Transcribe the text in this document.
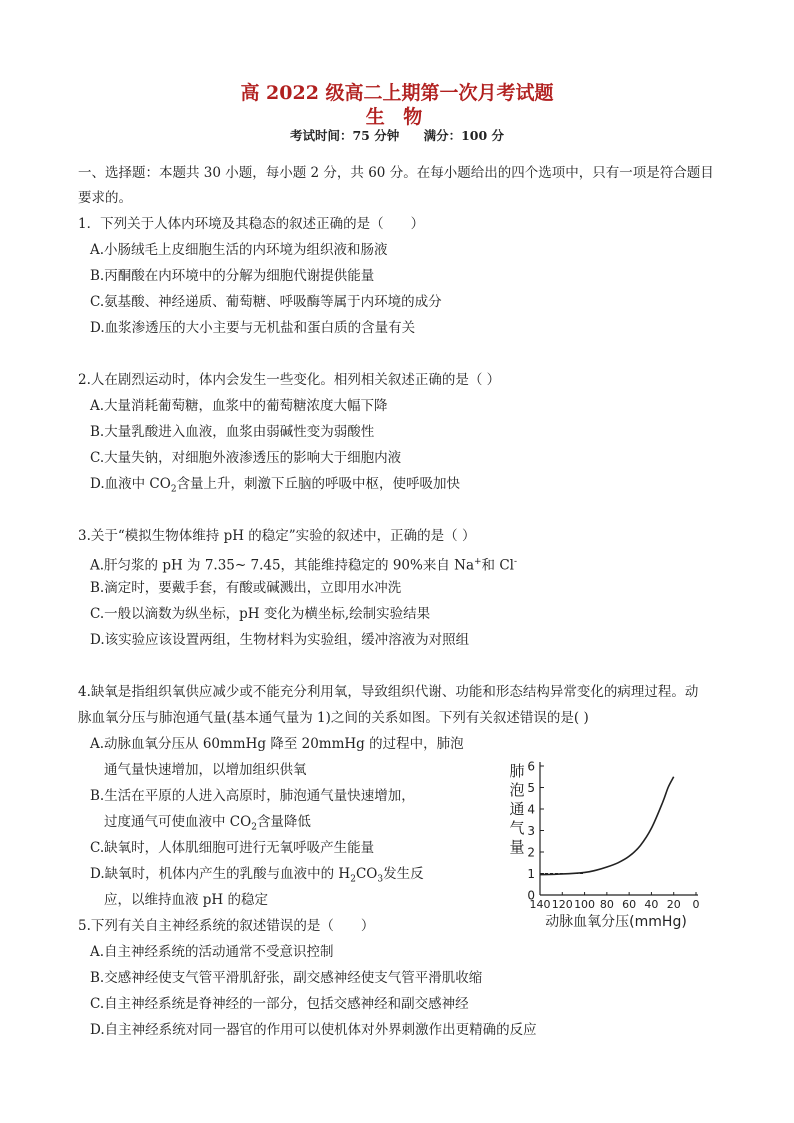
高 2022 级高二上期第一次月考试题
生 物
考试时间：75 分钟 满分：100 分
一、选择题：本题共 30 小题，每小题 2 分，共 60 分。在每小题给出的四个选项中，只有一项是符合题目
要求的。
1．下列关于人体内环境及其稳态的叙述正确的是（　　）
A.小肠绒毛上皮细胞生活的内环境为组织液和肠液
B.丙酮酸在内环境中的分解为细胞代谢提供能量
C.氨基酸、神经递质、葡萄糖、呼吸酶等属于内环境的成分
D.血浆渗透压的大小主要与无机盐和蛋白质的含量有关
2.人在剧烈运动时，体内会发生一些变化。相列相关叙述正确的是（ ）
A.大量消耗葡萄糖，血浆中的葡萄糖浓度大幅下降
B.大量乳酸进入血液，血浆由弱碱性变为弱酸性
C.大量失钠，对细胞外液渗透压的影响大于细胞内液
D.血液中 $CO_2$含量上升，刺激下丘脑的呼吸中枢，使呼吸加快
3.关于“模拟生物体维持 pH 的稳定”实验的叙述中，正确的是（ ）
A.肝匀浆的 pH 为 7.35~ 7.45，其能维持稳定的 90%来自 Na+和 Cl-
B.滴定时，要戴手套，有酸或碱溅出，立即用水冲洗
C.一般以滴数为纵坐标，pH 变化为横坐标,绘制实验结果
D.该实验应该设置两组，生物材料为实验组，缓冲溶液为对照组
4.缺氧是指组织氧供应减少或不能充分利用氧，导致组织代谢、功能和形态结构异常变化的病理过程。动
脉血氧分压与肺泡通气量(基本通气量为 1)之间的关系如图。下列有关叙述错误的是( )
A.动脉血氧分压从 60mmHg 降至 20mmHg 的过程中，肺泡
通气量快速增加，以增加组织供氧
B.生活在平原的人进入高原时，肺泡通气量快速增加，
过度通气可使血液中 $CO_2$含量降低
C.缺氧时，人体肌细胞可进行无氧呼吸产生能量
D.缺氧时，机体内产生的乳酸与血液中的 $H_2CO_3$发生反
应，以维持血液 pH 的稳定
肺
泡
通
气
量
0
1
2
3
4
5
6
140 120 100 80 60 40 20 0
动脉血氧分压(mmHg)
5.下列有关自主神经系统的叙述错误的是（　　）
A.自主神经系统的活动通常不受意识控制
B.交感神经使支气管平滑肌舒张，副交感神经使支气管平滑肌收缩
C.自主神经系统是脊神经的一部分，包括交感神经和副交感神经
D.自主神经系统对同一器官的作用可以使机体对外界刺激作出更精确的反应
